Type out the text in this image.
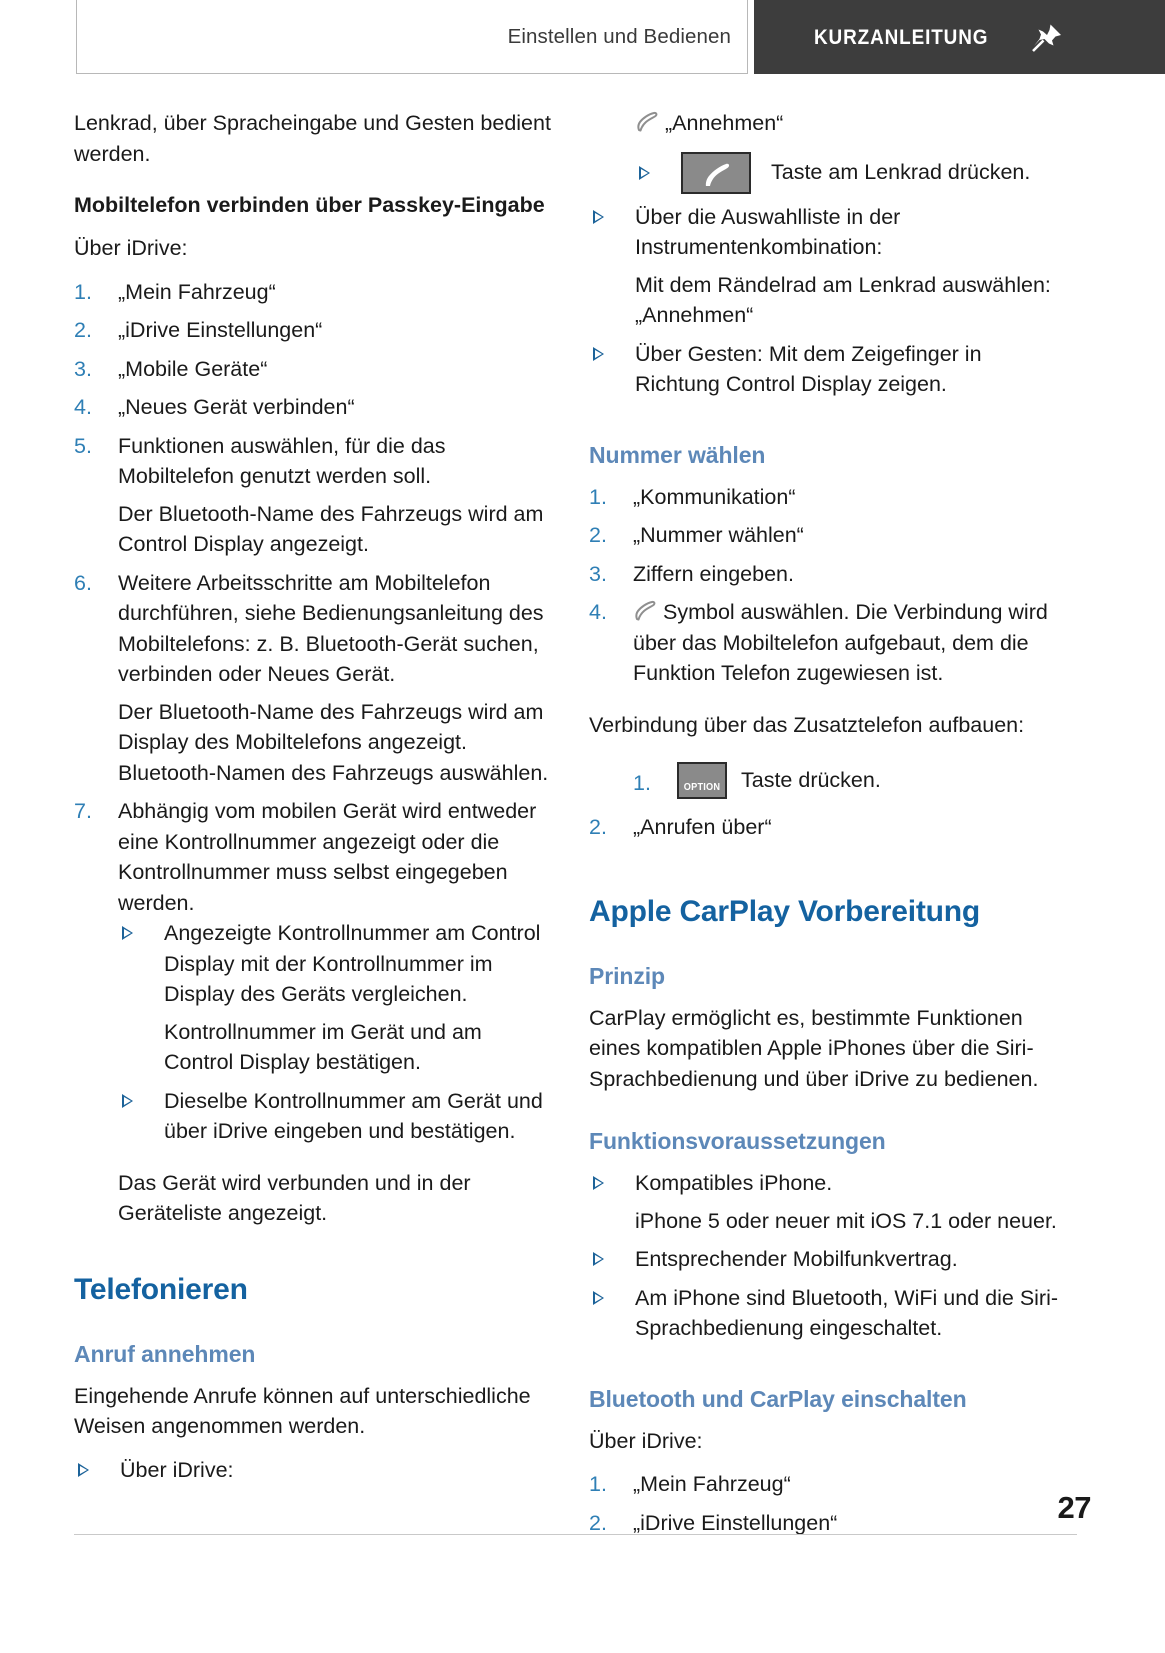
Einstellen und Bedienen	KURZANLEITUNG

Lenkrad, über Spracheingabe und Gesten bedient werden.

Mobiltelefon verbinden über Passkey-Eingabe

Über iDrive:

1. „Mein Fahrzeug“
2. „iDrive Einstellungen“
3. „Mobile Geräte“
4. „Neues Gerät verbinden“
5. Funktionen auswählen, für die das Mobiltelefon genutzt werden soll.
Der Bluetooth-Name des Fahrzeugs wird am Control Display angezeigt.
6. Weitere Arbeitsschritte am Mobiltelefon durchführen, siehe Bedienungsanleitung des Mobiltelefons: z. B. Bluetooth-Gerät suchen, verbinden oder Neues Gerät.
Der Bluetooth-Name des Fahrzeugs wird am Display des Mobiltelefons angezeigt. Bluetooth-Namen des Fahrzeugs auswählen.
7. Abhängig vom mobilen Gerät wird entweder eine Kontrollnummer angezeigt oder die Kontrollnummer muss selbst eingegeben werden.
Angezeigte Kontrollnummer am Control Display mit der Kontrollnummer im Display des Geräts vergleichen.
Kontrollnummer im Gerät und am Control Display bestätigen.
Dieselbe Kontrollnummer am Gerät und über iDrive eingeben und bestätigen.

Das Gerät wird verbunden und in der Geräteliste angezeigt.

Telefonieren
Anruf annehmen

Eingehende Anrufe können auf unterschiedliche Weisen angenommen werden.

Über iDrive:

„Annehmen“

Taste am Lenkrad drücken.
Über die Auswahlliste in der Instrumentenkombination:
Mit dem Rändelrad am Lenkrad auswählen:
„Annehmen“
Über Gesten: Mit dem Zeigefinger in Richtung Control Display zeigen.
Nummer wählen
1. „Kommunikation“
2. „Nummer wählen“
3. Ziffern eingeben.
4.	Symbol auswählen. Die Verbindung wird über das Mobiltelefon aufgebaut, dem die Funktion Telefon zugewiesen ist.

Verbindung über das Zusatztelefon aufbauen:

1.	OPTION Taste drücken.
2. „Anrufen über“
Apple CarPlay Vorbereitung
Prinzip

CarPlay ermöglicht es, bestimmte Funktionen eines kompatiblen Apple iPhones über die Siri-Sprachbedienung und über iDrive zu bedienen.

Funktionsvoraussetzungen
Kompatibles iPhone.
iPhone 5 oder neuer mit iOS 7.1 oder neuer.
Entsprechender Mobilfunkvertrag.
Am iPhone sind Bluetooth, WiFi und die Siri-Sprachbedienung eingeschaltet.
Bluetooth und CarPlay einschalten

Über iDrive:

1. „Mein Fahrzeug“
2. „iDrive Einstellungen“	27
